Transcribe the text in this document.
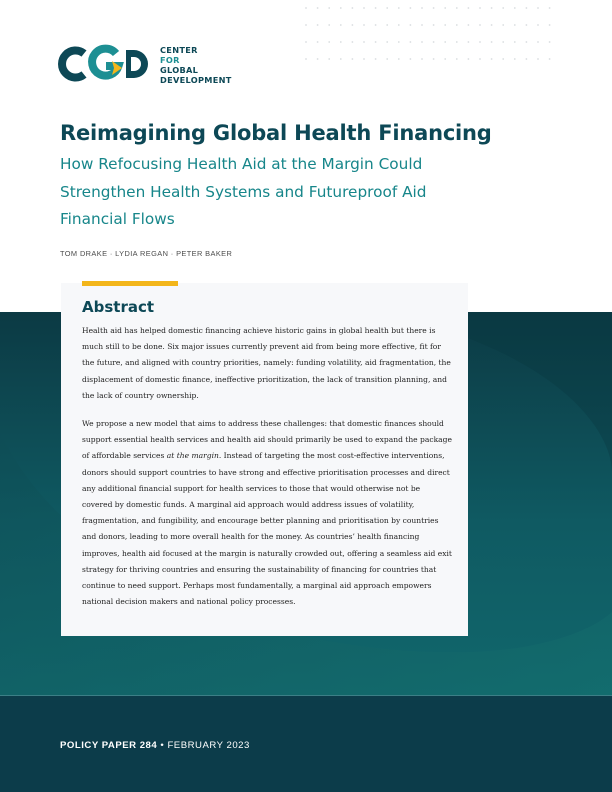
CENTER
FOR
GLOBAL
DEVELOPMENT
Reimagining Global Health Financing
How Refocusing Health Aid at the Margin Could Strengthen Health Systems and Futureproof Aid Financial Flows
TOM DRAKE · LYDIA REGAN · PETER BAKER
Abstract

Health aid has helped domestic financing achieve historic gains in global health but there is much still to be done. Six major issues currently prevent aid from being more effective, fit for the future, and aligned with country priorities, namely: funding volatility, aid fragmentation, the displacement of domestic finance, ineffective prioritization, the lack of transition planning, and the lack of country ownership.

We propose a new model that aims to address these challenges: that domestic finances should support essential health services and health aid should primarily be used to expand the package of affordable services at the margin. Instead of targeting the most cost-effective interventions, donors should support countries to have strong and effective prioritisation processes and direct any additional financial support for health services to those that would otherwise not be covered by domestic funds. A marginal aid approach would address issues of volatility, fragmentation, and fungibility, and encourage better planning and prioritisation by countries and donors, leading to more overall health for the money. As countries’ health financing improves, health aid focused at the margin is naturally crowded out, offering a seamless aid exit strategy for thriving countries and ensuring the sustainability of financing for countries that continue to need support. Perhaps most fundamentally, a marginal aid approach empowers national decision makers and national policy processes.

POLICY PAPER 284 • FEBRUARY 2023
